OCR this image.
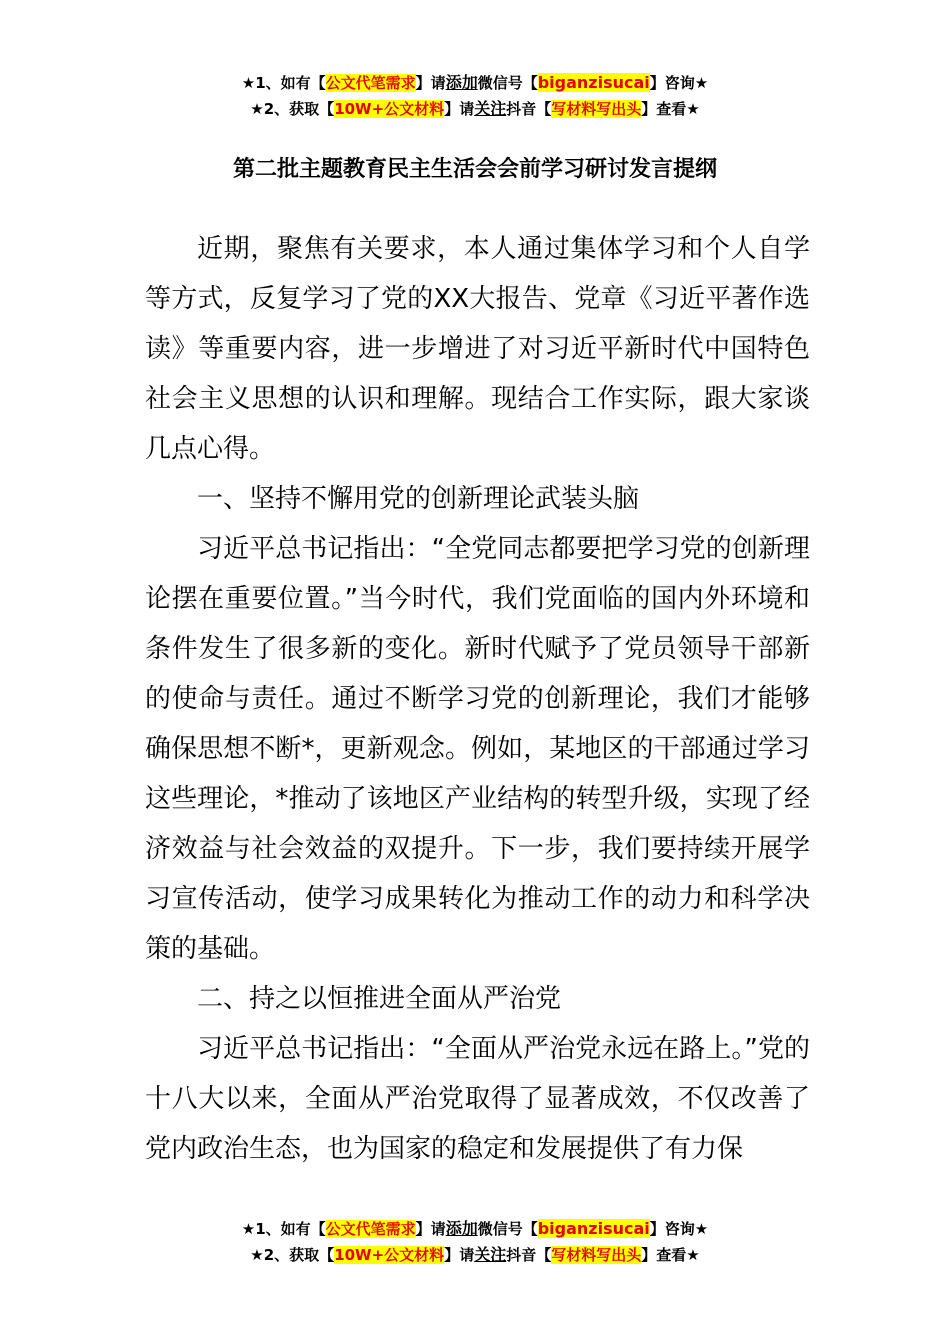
★1、如有【公文代笔需求】请添加微信号【biganzisucai】咨询★
★2、获取【10W+公文材料】请关注抖音【写材料写出头】查看★
第二批主题教育民主生活会会前学习研讨发言提纲

近期，聚焦有关要求，本人通过集体学习和个人自学等方式，反复学习了党的XX大报告、党章《习近平著作选读》等重要内容，进一步增进了对习近平新时代中国特色社会主义思想的认识和理解。现结合工作实际，跟大家谈几点心得。

一、坚持不懈用党的创新理论武装头脑

习近平总书记指出：“全党同志都要把学习党的创新理论摆在重要位置。”当今时代，我们党面临的国内外环境和条件发生了很多新的变化。新时代赋予了党员领导干部新的使命与责任。通过不断学习党的创新理论，我们才能够确保思想不断*，更新观念。例如，某地区的干部通过学习这些理论，*推动了该地区产业结构的转型升级，实现了经济效益与社会效益的双提升。下一步，我们要持续开展学习宣传活动，使学习成果转化为推动工作的动力和科学决策的基础。

二、持之以恒推进全面从严治党

习近平总书记指出：“全面从严治党永远在路上。”党的十八大以来，全面从严治党取得了显著成效，不仅改善了党内政治生态，也为国家的稳定和发展提供了有力保

★1、如有【公文代笔需求】请添加微信号【biganzisucai】咨询★
★2、获取【10W+公文材料】请关注抖音【写材料写出头】查看★
